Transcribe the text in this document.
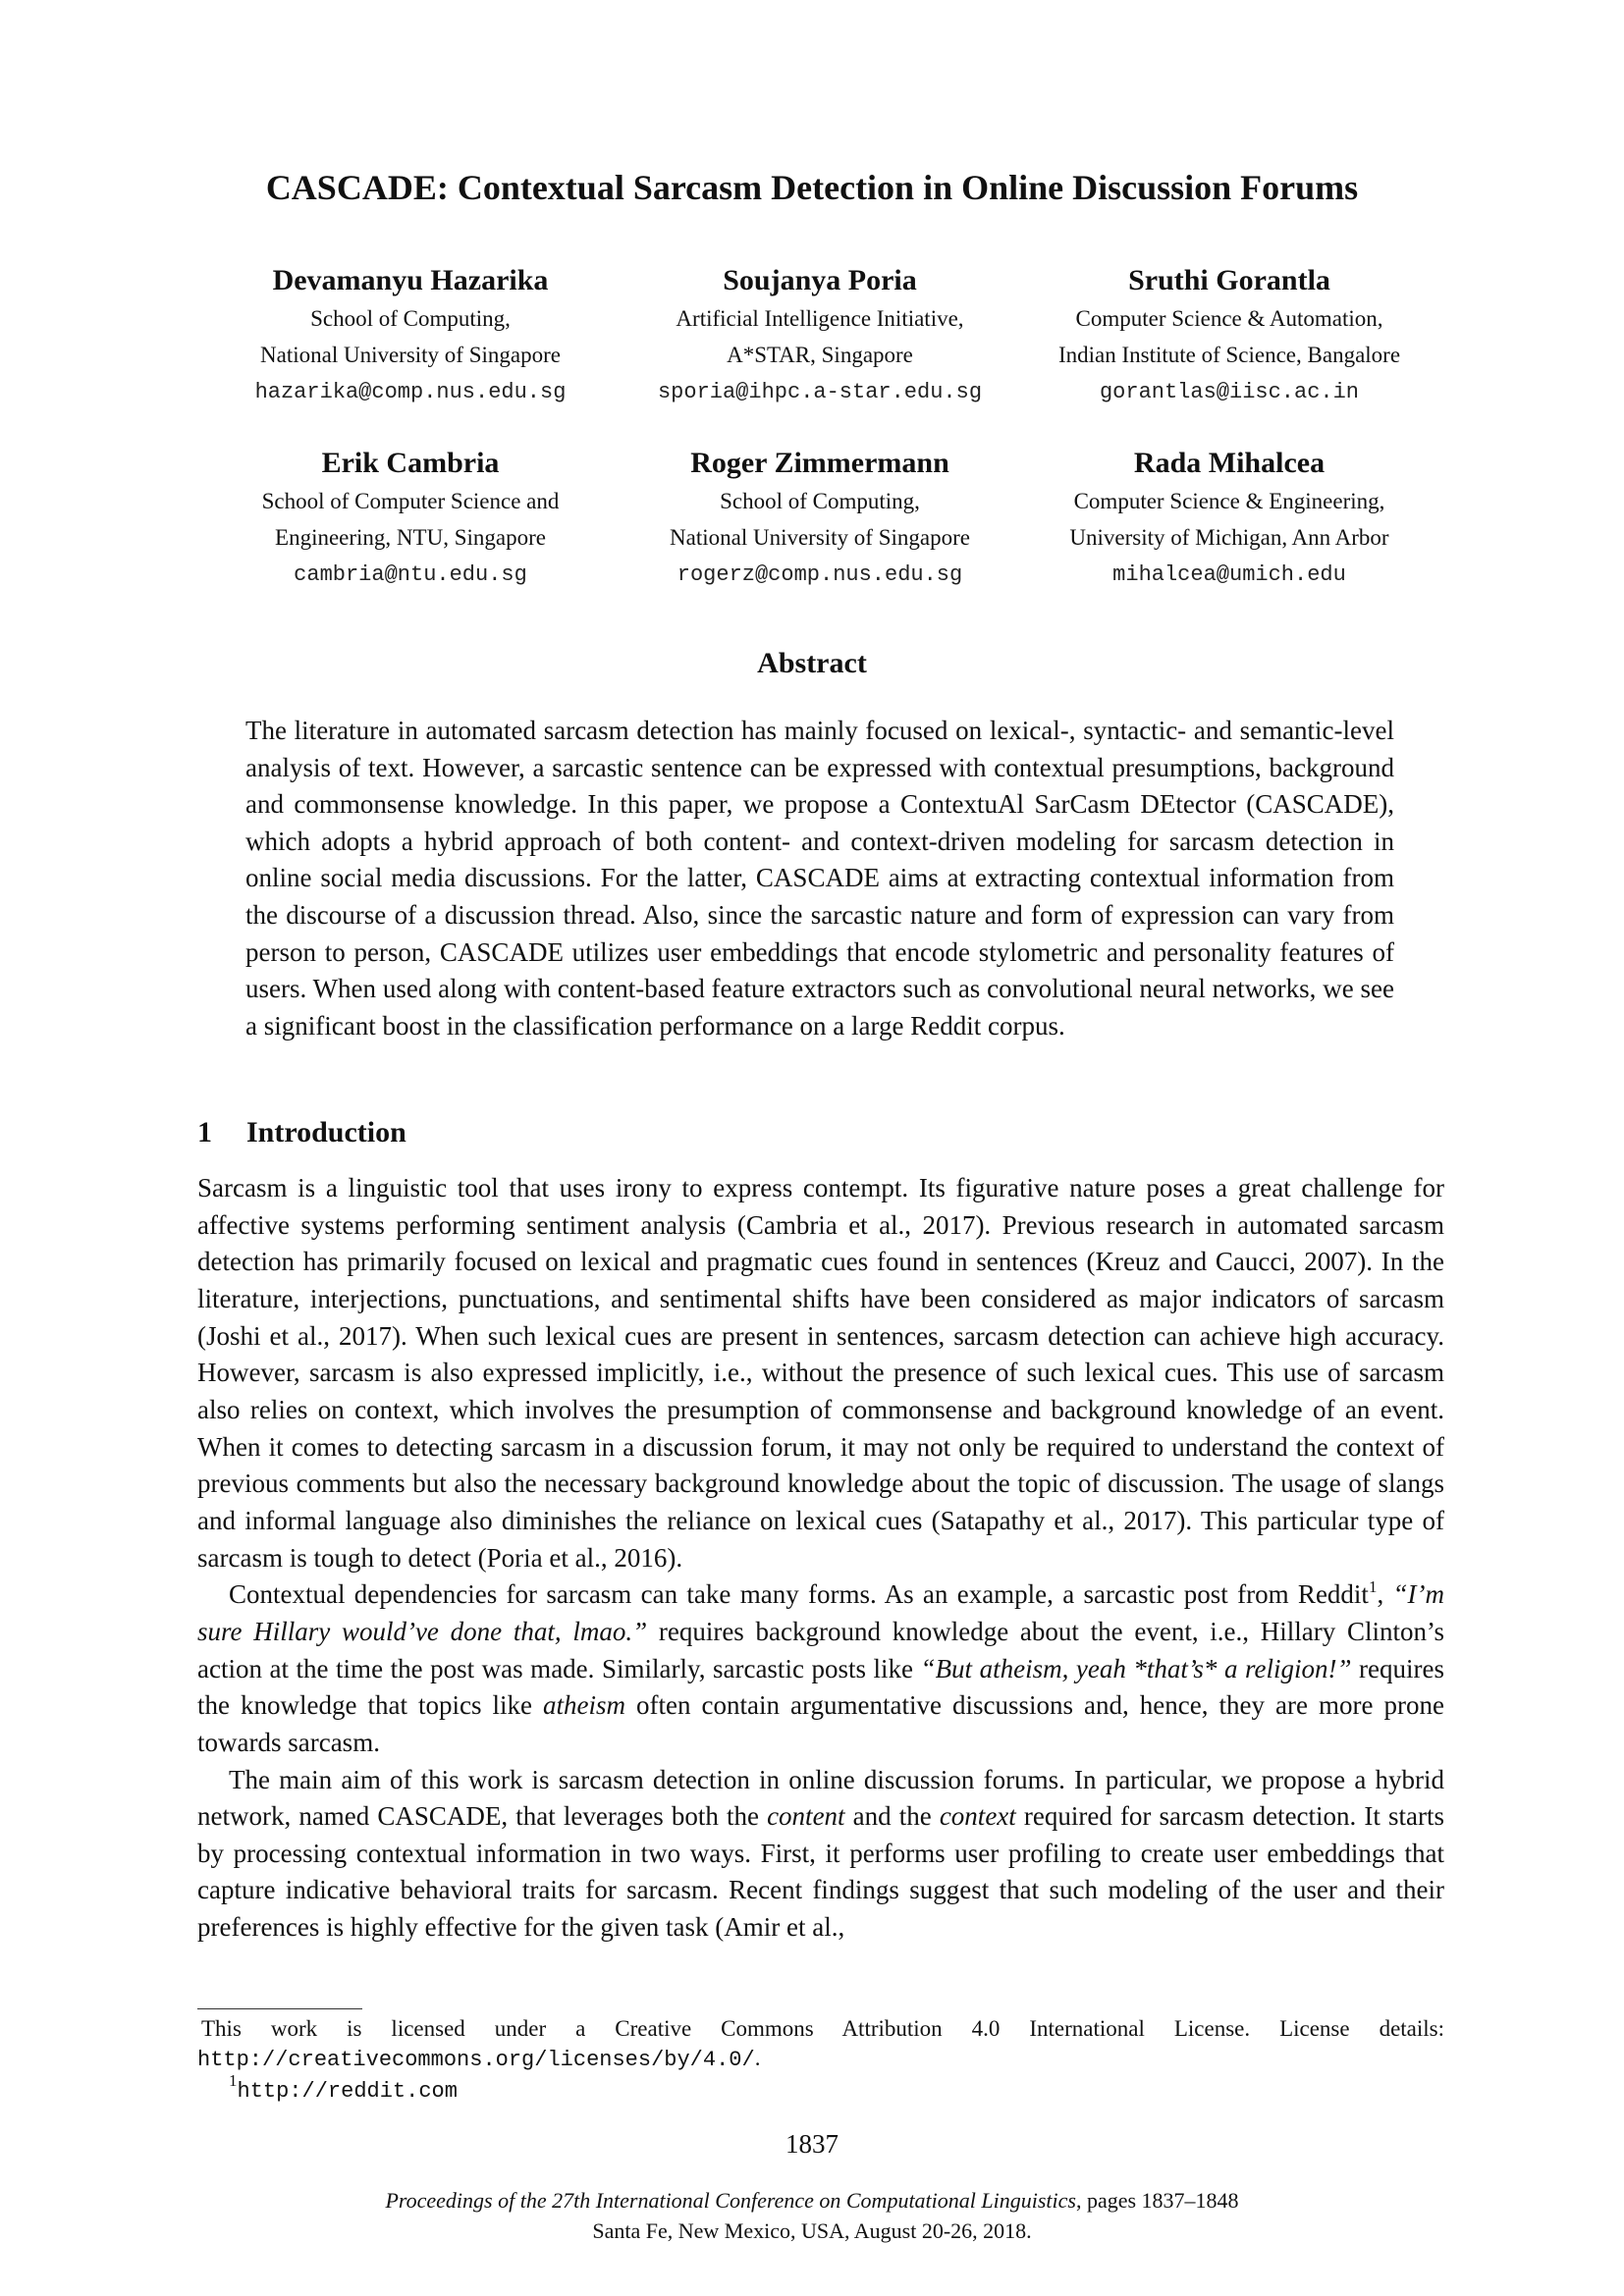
CASCADE: Contextual Sarcasm Detection in Online Discussion Forums
Devamanyu Hazarika
School of Computing,
National University of Singapore
hazarika@comp.nus.edu.sg
Soujanya Poria
Artificial Intelligence Initiative,
A*STAR, Singapore
sporia@ihpc.a-star.edu.sg
Sruthi Gorantla
Computer Science & Automation,
Indian Institute of Science, Bangalore
gorantlas@iisc.ac.in
Erik Cambria
School of Computer Science and
Engineering, NTU, Singapore
cambria@ntu.edu.sg
Roger Zimmermann
School of Computing,
National University of Singapore
rogerz@comp.nus.edu.sg
Rada Mihalcea
Computer Science & Engineering,
University of Michigan, Ann Arbor
mihalcea@umich.edu
Abstract

The literature in automated sarcasm detection has mainly focused on lexical-, syntactic- and semantic-level analysis of text. However, a sarcastic sentence can be expressed with contextual presumptions, background and commonsense knowledge. In this paper, we propose a ContextuAl SarCasm DEtector (CASCADE), which adopts a hybrid approach of both content- and context-driven modeling for sarcasm detection in online social media discussions. For the latter, CASCADE aims at extracting contextual information from the discourse of a discussion thread. Also, since the sarcastic nature and form of expression can vary from person to person, CASCADE utilizes user embeddings that encode stylometric and personality features of users. When used along with content-based feature extractors such as convolutional neural networks, we see a significant boost in the classification performance on a large Reddit corpus.

1 Introduction

Sarcasm is a linguistic tool that uses irony to express contempt. Its figurative nature poses a great challenge for affective systems performing sentiment analysis (Cambria et al., 2017). Previous research in automated sarcasm detection has primarily focused on lexical and pragmatic cues found in sentences (Kreuz and Caucci, 2007). In the literature, interjections, punctuations, and sentimental shifts have been considered as major indicators of sarcasm (Joshi et al., 2017). When such lexical cues are present in sentences, sarcasm detection can achieve high accuracy. However, sarcasm is also expressed implicitly, i.e., without the presence of such lexical cues. This use of sarcasm also relies on context, which involves the presumption of commonsense and background knowledge of an event. When it comes to detecting sarcasm in a discussion forum, it may not only be required to understand the context of previous comments but also the necessary background knowledge about the topic of discussion. The usage of slangs and informal language also diminishes the reliance on lexical cues (Satapathy et al., 2017). This particular type of sarcasm is tough to detect (Poria et al., 2016).

Contextual dependencies for sarcasm can take many forms. As an example, a sarcastic post from Reddit$^1$, “I’m sure Hillary would’ve done that, lmao.” requires background knowledge about the event, i.e., Hillary Clinton’s action at the time the post was made. Similarly, sarcastic posts like “But atheism, yeah *that’s* a religion!” requires the knowledge that topics like atheism often contain argumentative discussions and, hence, they are more prone towards sarcasm.

The main aim of this work is sarcasm detection in online discussion forums. In particular, we propose a hybrid network, named CASCADE, that leverages both the content and the context required for sarcasm detection. It starts by processing contextual information in two ways. First, it performs user profiling to create user embeddings that capture indicative behavioral traits for sarcasm. Recent findings suggest that such modeling of the user and their preferences is highly effective for the given task (Amir et al.,

This work is licensed under a Creative Commons Attribution 4.0 International License. License details: http://creativecommons.org/licenses/by/4.0/.

$^1$http://reddit.com

1837
Proceedings of the 27th International Conference on Computational Linguistics, pages 1837–1848
Santa Fe, New Mexico, USA, August 20-26, 2018.
